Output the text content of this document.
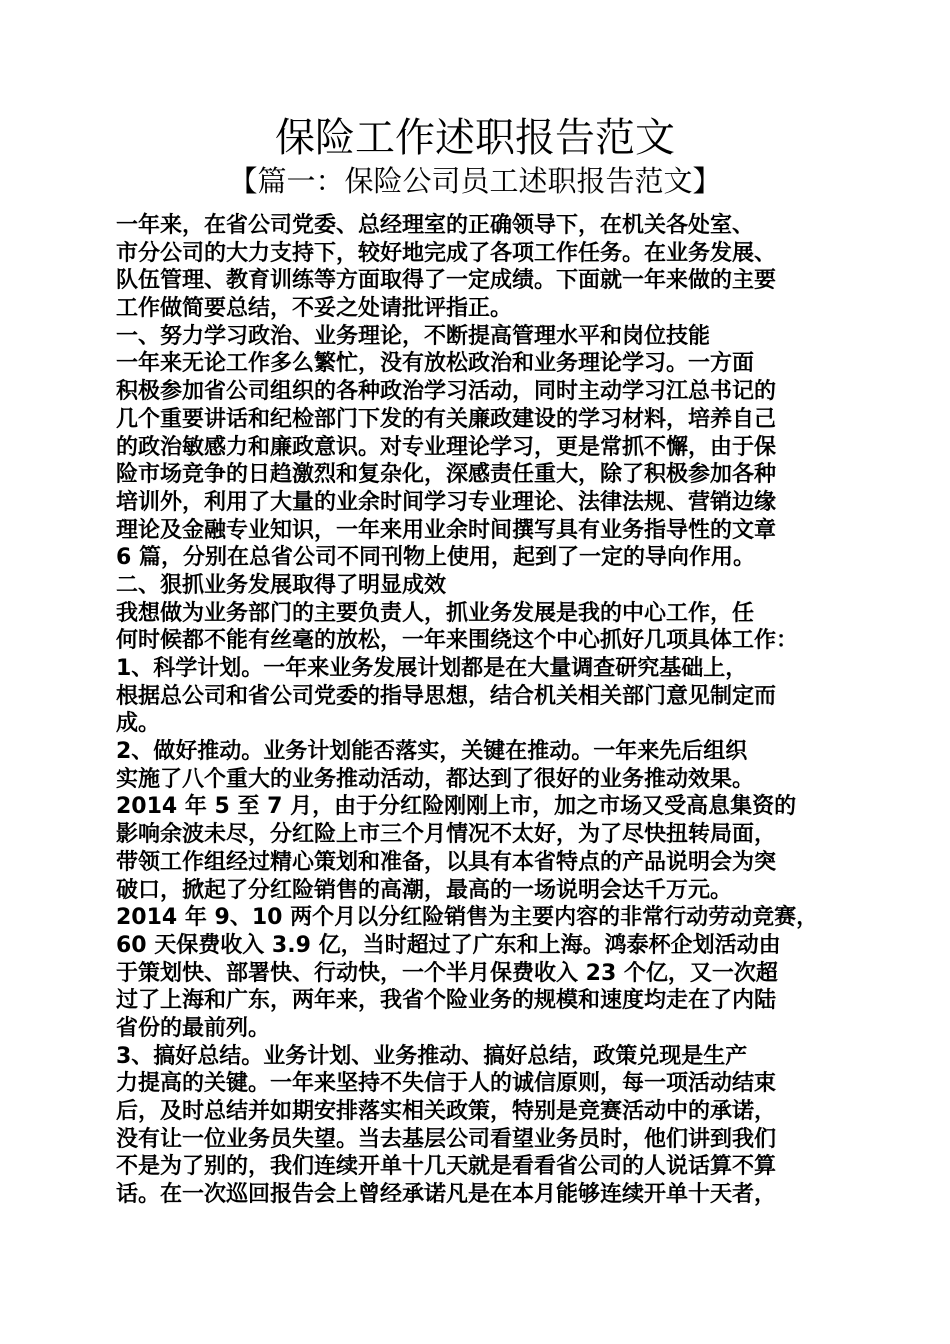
保险工作述职报告范文
【篇一：保险公司员工述职报告范文】
一年来，在省公司党委、总经理室的正确领导下，在机关各处室、
市分公司的大力支持下，较好地完成了各项工作任务。在业务发展、
队伍管理、教育训练等方面取得了一定成绩。下面就一年来做的主要
工作做简要总结，不妥之处请批评指正。
一、努力学习政治、业务理论，不断提高管理水平和岗位技能
一年来无论工作多么繁忙，没有放松政治和业务理论学习。一方面
积极参加省公司组织的各种政治学习活动，同时主动学习江总书记的
几个重要讲话和纪检部门下发的有关廉政建设的学习材料，培养自己
的政治敏感力和廉政意识。对专业理论学习，更是常抓不懈，由于保
险市场竞争的日趋激烈和复杂化，深感责任重大，除了积极参加各种
培训外，利用了大量的业余时间学习专业理论、法律法规、营销边缘
理论及金融专业知识，一年来用业余时间撰写具有业务指导性的文章
6 篇，分别在总省公司不同刊物上使用，起到了一定的导向作用。
二、狠抓业务发展取得了明显成效
我想做为业务部门的主要负责人，抓业务发展是我的中心工作，任
何时候都不能有丝毫的放松，一年来围绕这个中心抓好几项具体工作：
1、科学计划。一年来业务发展计划都是在大量调查研究基础上，
根据总公司和省公司党委的指导思想，结合机关相关部门意见制定而
成。
2、做好推动。业务计划能否落实，关键在推动。一年来先后组织
实施了八个重大的业务推动活动，都达到了很好的业务推动效果。
2014 年 5 至 7 月，由于分红险刚刚上市，加之市场又受高息集资的
影响余波未尽，分红险上市三个月情况不太好，为了尽快扭转局面，
带领工作组经过精心策划和准备，以具有本省特点的产品说明会为突
破口，掀起了分红险销售的高潮，最高的一场说明会达千万元。
2014 年 9、10 两个月以分红险销售为主要内容的非常行动劳动竞赛，
60 天保费收入 3.9 亿，当时超过了广东和上海。鸿泰杯企划活动由
于策划快、部署快、行动快，一个半月保费收入 23 个亿，又一次超
过了上海和广东，两年来，我省个险业务的规模和速度均走在了内陆
省份的最前列。
3、搞好总结。业务计划、业务推动、搞好总结，政策兑现是生产
力提高的关键。一年来坚持不失信于人的诚信原则，每一项活动结束
后，及时总结并如期安排落实相关政策，特别是竞赛活动中的承诺，
没有让一位业务员失望。当去基层公司看望业务员时，他们讲到我们
不是为了别的，我们连续开单十几天就是看看省公司的人说话算不算
话。在一次巡回报告会上曾经承诺凡是在本月能够连续开单十天者，
